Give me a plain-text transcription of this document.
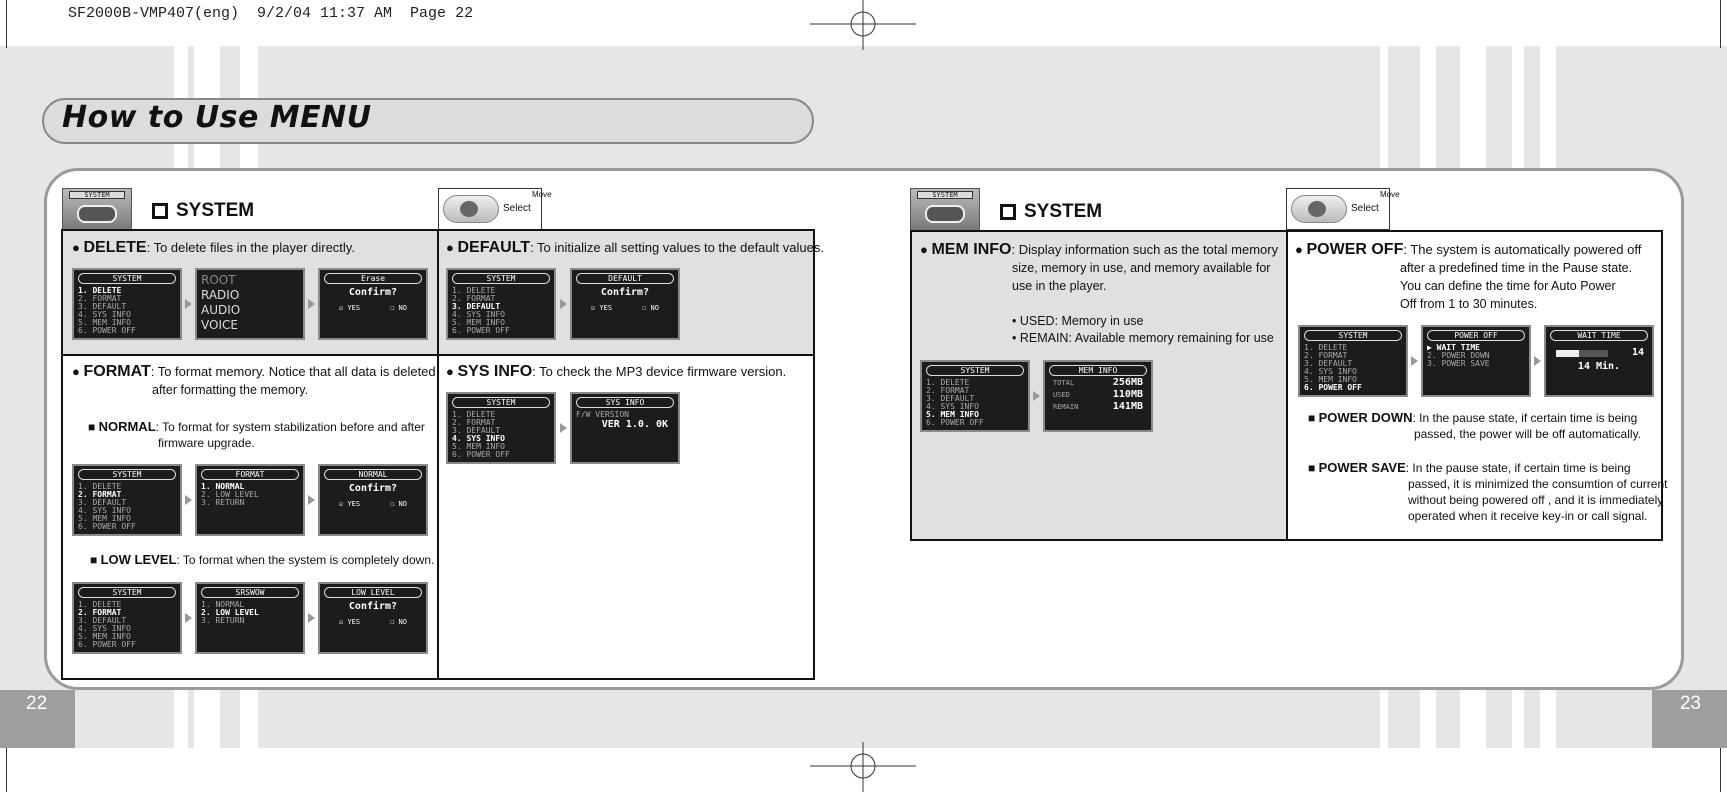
SF2000B-VMP407(eng)  9/2/04 11:37 AM  Page 22
How to Use MENU
22	23
SYSTEM
SYSTEM	Select
Move
● DELETE: To delete files in the player directly.
SYSTEM
1. DELETE
2. FORMAT
3. DEFAULT
4. SYS INFO
5. MEM INFO
6. POWER OFF
ROOT
RADIO
AUDIO
VOICE
Erase
Confirm?
☑ YES	☐ NO
● DEFAULT: To initialize all setting values to the default values.
SYSTEM
1. DELETE
2. FORMAT
3. DEFAULT
4. SYS INFO
5. MEM INFO
6. POWER OFF
DEFAULT
Confirm?
☑ YES	☐ NO
● FORMAT: To format memory. Notice that all data is deleted
after formatting the memory.
■ NORMAL: To format for system stabilization before and after
firmware upgrade.
SYSTEM
1. DELETE
2. FORMAT
3. DEFAULT
4. SYS INFO
5. MEM INFO
6. POWER OFF
FORMAT
1. NORMAL
2. LOW LEVEL
3. RETURN
NORMAL
Confirm?
☑ YES	☐ NO
■ LOW LEVEL: To format when the system is completely down.
SYSTEM
1. DELETE
2. FORMAT
3. DEFAULT
4. SYS INFO
5. MEM INFO
6. POWER OFF
SRSWOW
1. NORMAL
2. LOW LEVEL
3. RETURN
LOW LEVEL
Confirm?
☑ YES	☐ NO
● SYS INFO: To check the MP3 device firmware version.
SYSTEM
1. DELETE
2. FORMAT
3. DEFAULT
4. SYS INFO
5. MEM INFO
6. POWER OFF
SYS INFO
F/W VERSION
VER 1.0. 0K
SYSTEM
SYSTEM	Select
Move
● MEM INFO: Display information such as the total memory
size, memory in use, and memory available for
use in the player.
• USED: Memory in use
• REMAIN: Available memory remaining for use
SYSTEM
1. DELETE
2. FORMAT
3. DEFAULT
4. SYS INFO
5. MEM INFO
6. POWER OFF
MEM INFO
TOTAL	256MB
USED	110MB
REMAIN	141MB
● POWER OFF: The system is automatically powered off
after a predefined time in the Pause state.
You can define the time for Auto Power
Off from 1 to 30 minutes.
SYSTEM
1. DELETE
2. FORMAT
3. DEFAULT
4. SYS INFO
5. MEM INFO
6. POWER OFF
POWER OFF
▶ WAIT TIME
2. POWER DOWN
3. POWER SAVE
WAIT TIME
14
14 Min.
■ POWER DOWN: In the pause state, if certain time is being
passed, the power will be off automatically.
■ POWER SAVE: In the pause state, if certain time is being
passed, it is minimized the consumtion of current
without being powered off , and it is immediately
operated when it receive key-in or call signal.
